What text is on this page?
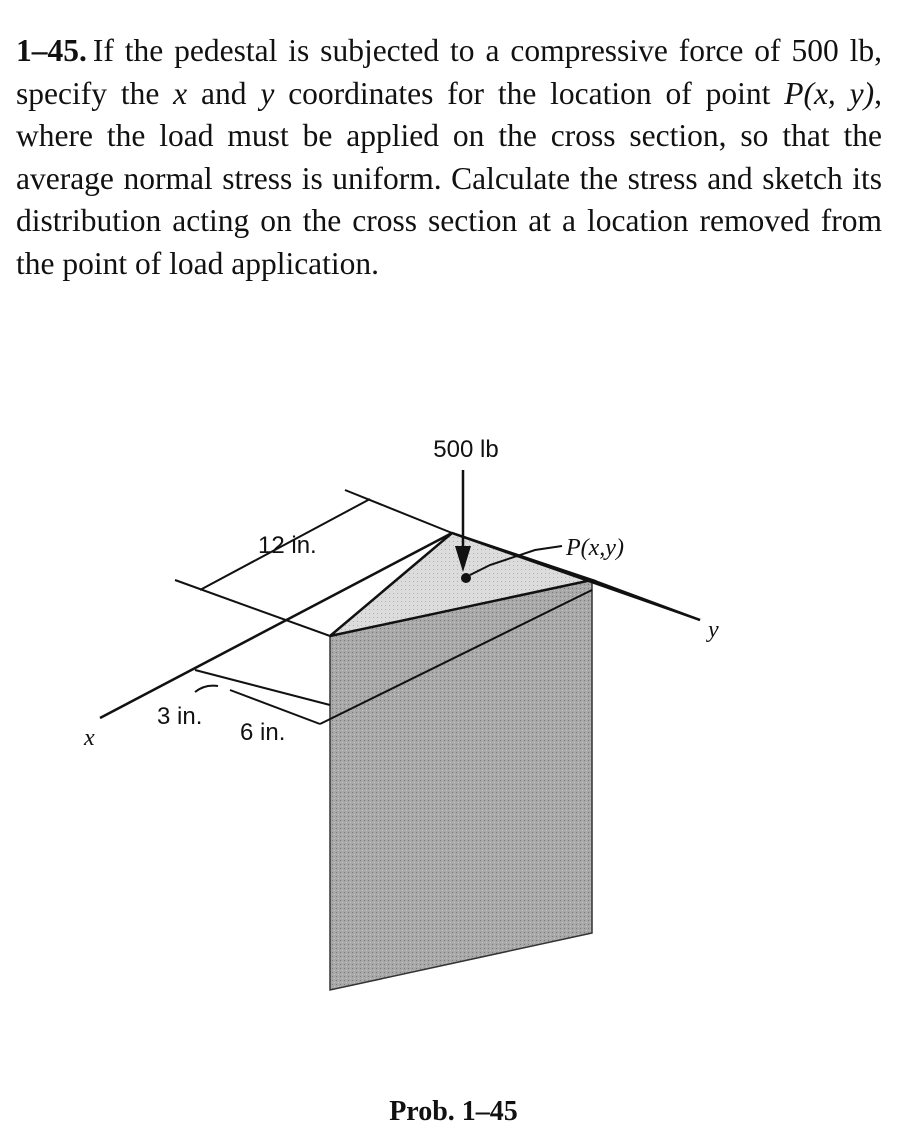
1–45. If the pedestal is subjected to a compressive force of 500 lb, specify the x and y coordinates for the location of point P(x, y), where the load must be applied on the cross section, so that the average normal stress is uniform. Calculate the stress and sketch its distribution acting on the cross section at a location removed from the point of load application.
500 lb
12 in.
3 in.
6 in.
P(x,y)
x
y
Prob. 1–45
